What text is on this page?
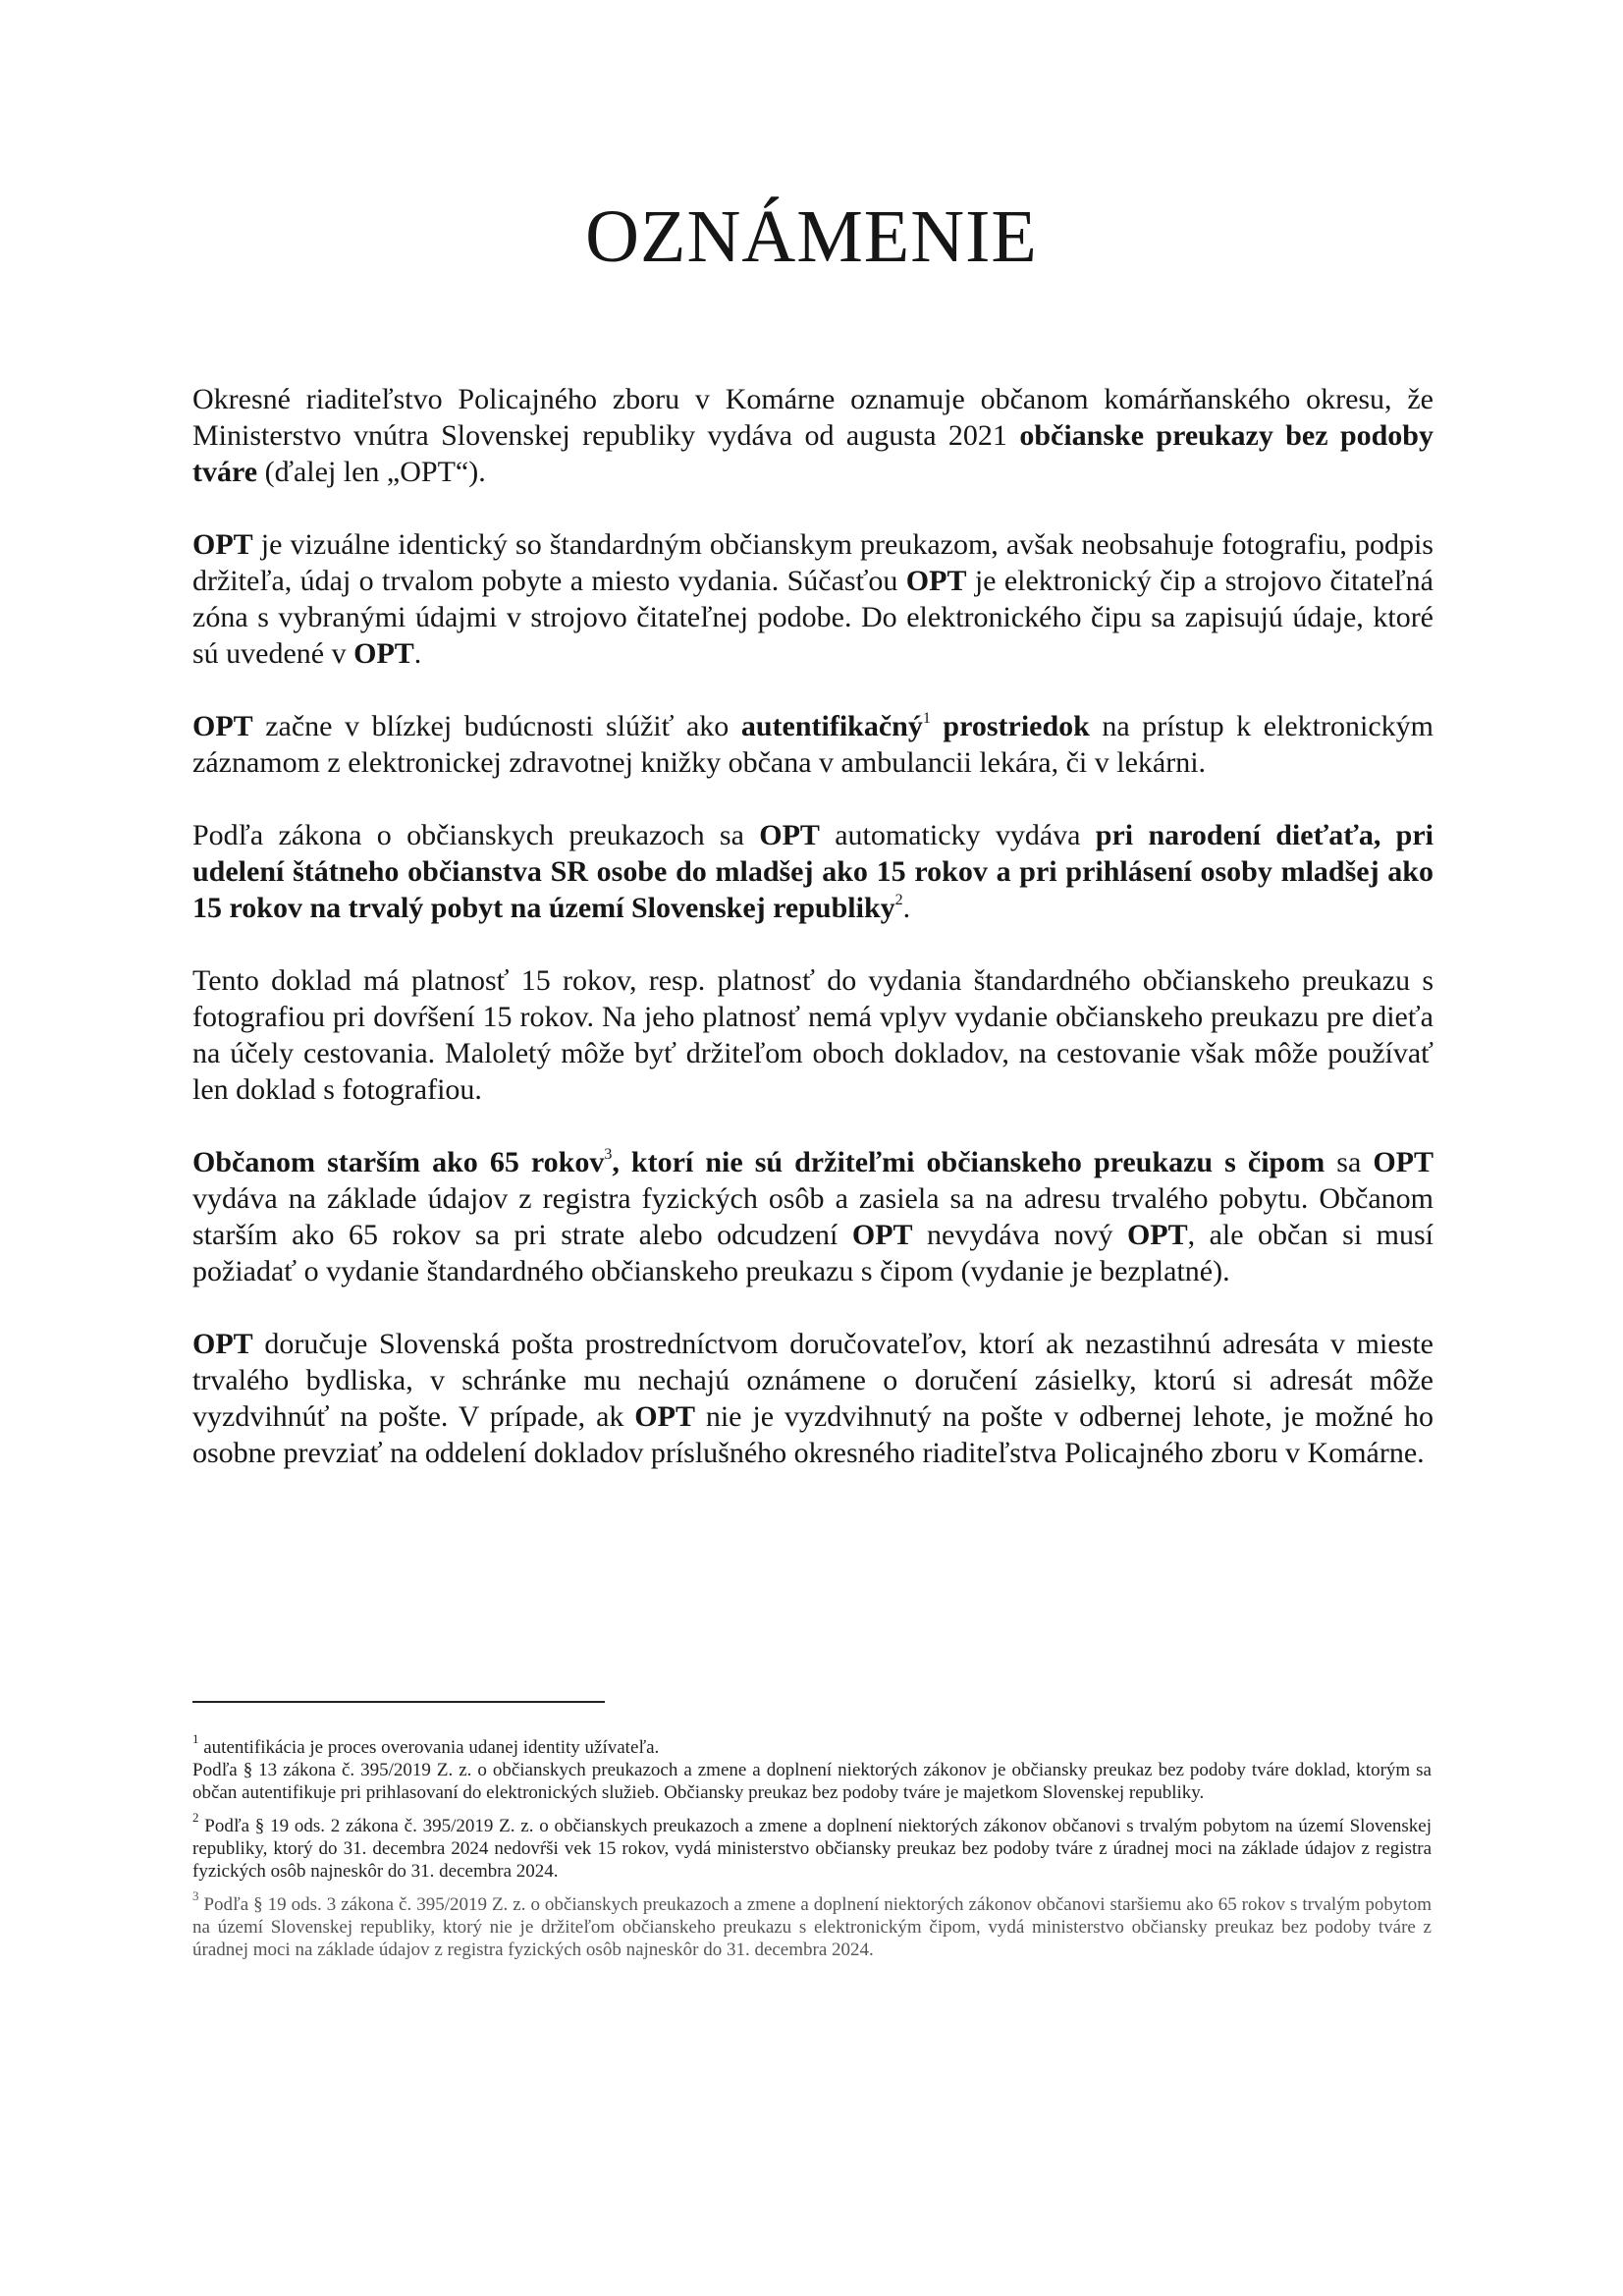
OZNÁMENIE

Okresné riaditeľstvo Policajného zboru v Komárne oznamuje občanom komárňanského okresu, že Ministerstvo vnútra Slovenskej republiky vydáva od augusta 2021 občianske preukazy bez podoby tváre (ďalej len „OPT“).

OPT je vizuálne identický so štandardným občianskym preukazom, avšak neobsahuje fotografiu, podpis držiteľa, údaj o trvalom pobyte a miesto vydania. Súčasťou OPT je elektronický čip a strojovo čitateľná zóna s vybranými údajmi v strojovo čitateľnej podobe. Do elektronického čipu sa zapisujú údaje, ktoré sú uvedené v OPT.

OPT začne v blízkej budúcnosti slúžiť ako autentifikačný$^1$ prostriedok na prístup k elektronickým záznamom z elektronickej zdravotnej knižky občana v ambulancii lekára, či v lekárni.

Podľa zákona o občianskych preukazoch sa OPT automaticky vydáva pri narodení dieťaťa, pri udelení štátneho občianstva SR osobe do mladšej ako 15 rokov a pri prihlásení osoby mladšej ako 15 rokov na trvalý pobyt na území Slovenskej republiky$^2$.

Tento doklad má platnosť 15 rokov, resp. platnosť do vydania štandardného občianskeho preukazu s fotografiou pri dovŕšení 15 rokov. Na jeho platnosť nemá vplyv vydanie občianskeho preukazu pre dieťa na účely cestovania. Maloletý môže byť držiteľom oboch dokladov, na cestovanie však môže používať len doklad s fotografiou.

Občanom starším ako 65 rokov$^3$, ktorí nie sú držiteľmi občianskeho preukazu s čipom sa OPT vydáva na základe údajov z registra fyzických osôb a zasiela sa na adresu trvalého pobytu. Občanom starším ako 65 rokov sa pri strate alebo odcudzení OPT nevydáva nový OPT, ale občan si musí požiadať o vydanie štandardného občianskeho preukazu s čipom (vydanie je bezplatné).

OPT doručuje Slovenská pošta prostredníctvom doručovateľov, ktorí ak nezastihnú adresáta v mieste trvalého bydliska, v schránke mu nechajú oznámene o doručení zásielky, ktorú si adresát môže vyzdvihnúť na pošte. V prípade, ak OPT nie je vyzdvihnutý na pošte v odbernej lehote, je možné ho osobne prevziať na oddelení dokladov príslušného okresného riaditeľstva Policajného zboru v Komárne.

$^1$ autentifikácia je proces overovania udanej identity užívateľa.
Podľa § 13 zákona č. 395/2019 Z. z. o občianskych preukazoch a zmene a doplnení niektorých zákonov je občiansky preukaz bez podoby tváre doklad, ktorým sa občan autentifikuje pri prihlasovaní do elektronických služieb. Občiansky preukaz bez podoby tváre je majetkom Slovenskej republiky.

$^2$ Podľa § 19 ods. 2 zákona č. 395/2019 Z. z. o občianskych preukazoch a zmene a doplnení niektorých zákonov občanovi s trvalým pobytom na území Slovenskej republiky, ktorý do 31. decembra 2024 nedovŕši vek 15 rokov, vydá ministerstvo občiansky preukaz bez podoby tváre z úradnej moci na základe údajov z registra fyzických osôb najneskôr do 31. decembra 2024.

$^3$ Podľa § 19 ods. 3 zákona č. 395/2019 Z. z. o občianskych preukazoch a zmene a doplnení niektorých zákonov občanovi staršiemu ako 65 rokov s trvalým pobytom na území Slovenskej republiky, ktorý nie je držiteľom občianskeho preukazu s elektronickým čipom, vydá ministerstvo občiansky preukaz bez podoby tváre z úradnej moci na základe údajov z registra fyzických osôb najneskôr do 31. decembra 2024.
